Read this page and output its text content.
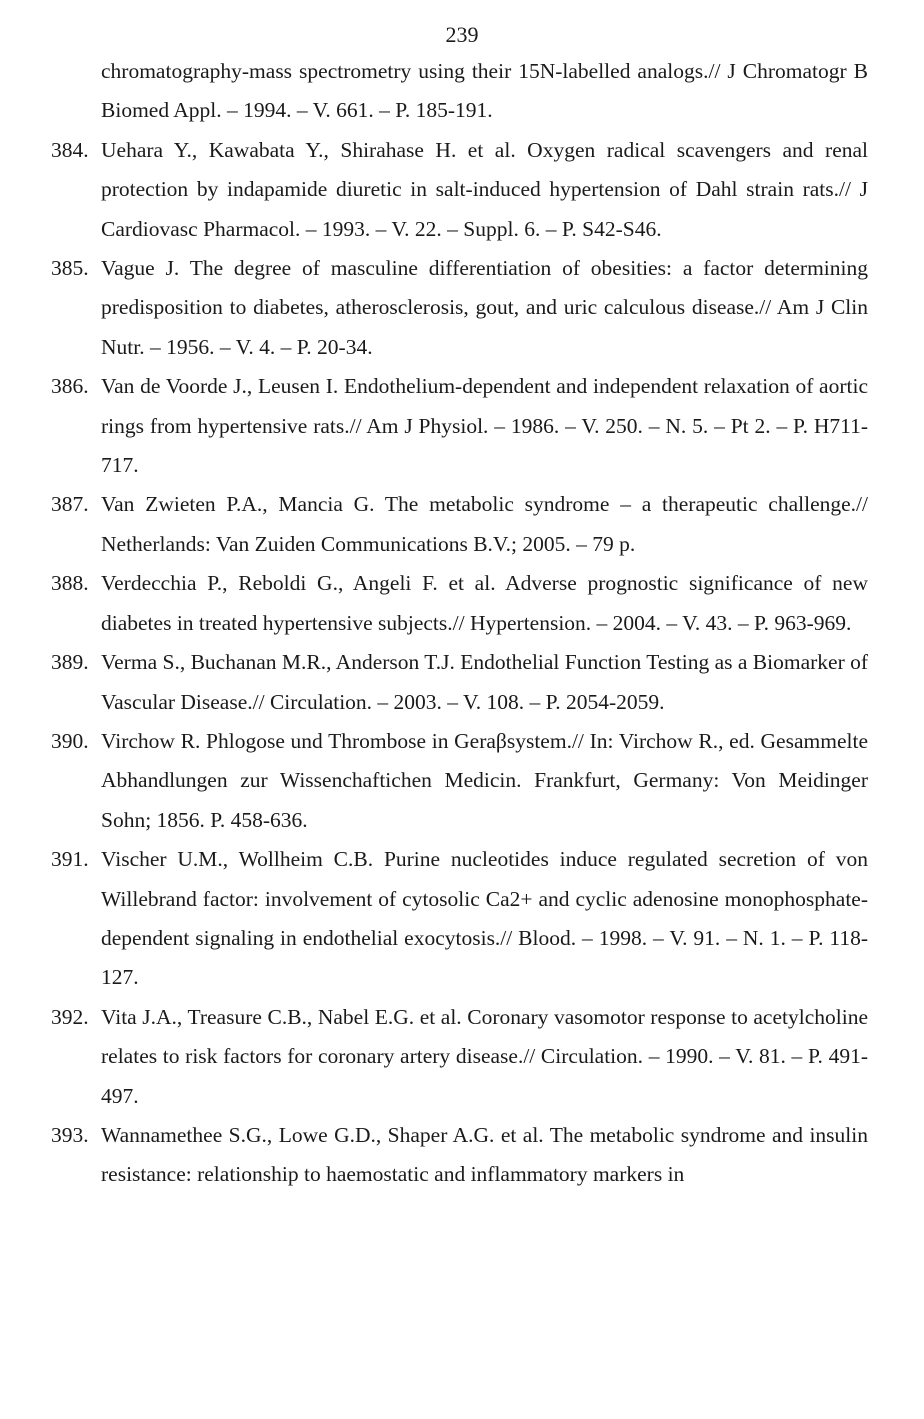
239
chromatography-mass spectrometry using their 15N-labelled analogs.// J Chromatogr B Biomed Appl. – 1994. – V. 661. – P. 185-191.
384. Uehara Y., Kawabata Y., Shirahase H. et al. Oxygen radical scavengers and renal protection by indapamide diuretic in salt-induced hypertension of Dahl strain rats.// J Cardiovasc Pharmacol. – 1993. – V. 22. – Suppl. 6. – P. S42-S46.
385. Vague J. The degree of masculine differentiation of obesities: a factor determining predisposition to diabetes, atherosclerosis, gout, and uric calculous disease.// Am J Clin Nutr. – 1956. – V. 4. – P. 20-34.
386. Van de Voorde J., Leusen I. Endothelium-dependent and independent relaxation of aortic rings from hypertensive rats.// Am J Physiol. – 1986. – V. 250. – N. 5. – Pt 2. – P. H711-717.
387. Van Zwieten P.A., Mancia G. The metabolic syndrome – a therapeutic challenge.// Netherlands: Van Zuiden Communications B.V.; 2005. – 79 p.
388. Verdecchia P., Reboldi G., Angeli F. et al. Adverse prognostic significance of new diabetes in treated hypertensive subjects.// Hypertension. – 2004. – V. 43. – P. 963-969.
389. Verma S., Buchanan M.R., Anderson T.J. Endothelial Function Testing as a Biomarker of Vascular Disease.// Circulation. – 2003. – V. 108. – P. 2054-2059.
390. Virchow R. Phlogose und Thrombose in Geraβsystem.// In: Virchow R., ed. Gesammelte Abhandlungen zur Wissenchaftichen Medicin. Frankfurt, Germany: Von Meidinger Sohn; 1856. P. 458-636.
391. Vischer U.M., Wollheim C.B. Purine nucleotides induce regulated secretion of von Willebrand factor: involvement of cytosolic Ca2+ and cyclic adenosine monophosphate-dependent signaling in endothelial exocytosis.// Blood. – 1998. – V. 91. – N. 1. – P. 118-127.
392. Vita J.A., Treasure C.B., Nabel E.G. et al. Coronary vasomotor response to acetylcholine relates to risk factors for coronary artery disease.// Circulation. – 1990. – V. 81. – P. 491-497.
393. Wannamethee S.G., Lowe G.D., Shaper A.G. et al. The metabolic syndrome and insulin resistance: relationship to haemostatic and inflammatory markers in
